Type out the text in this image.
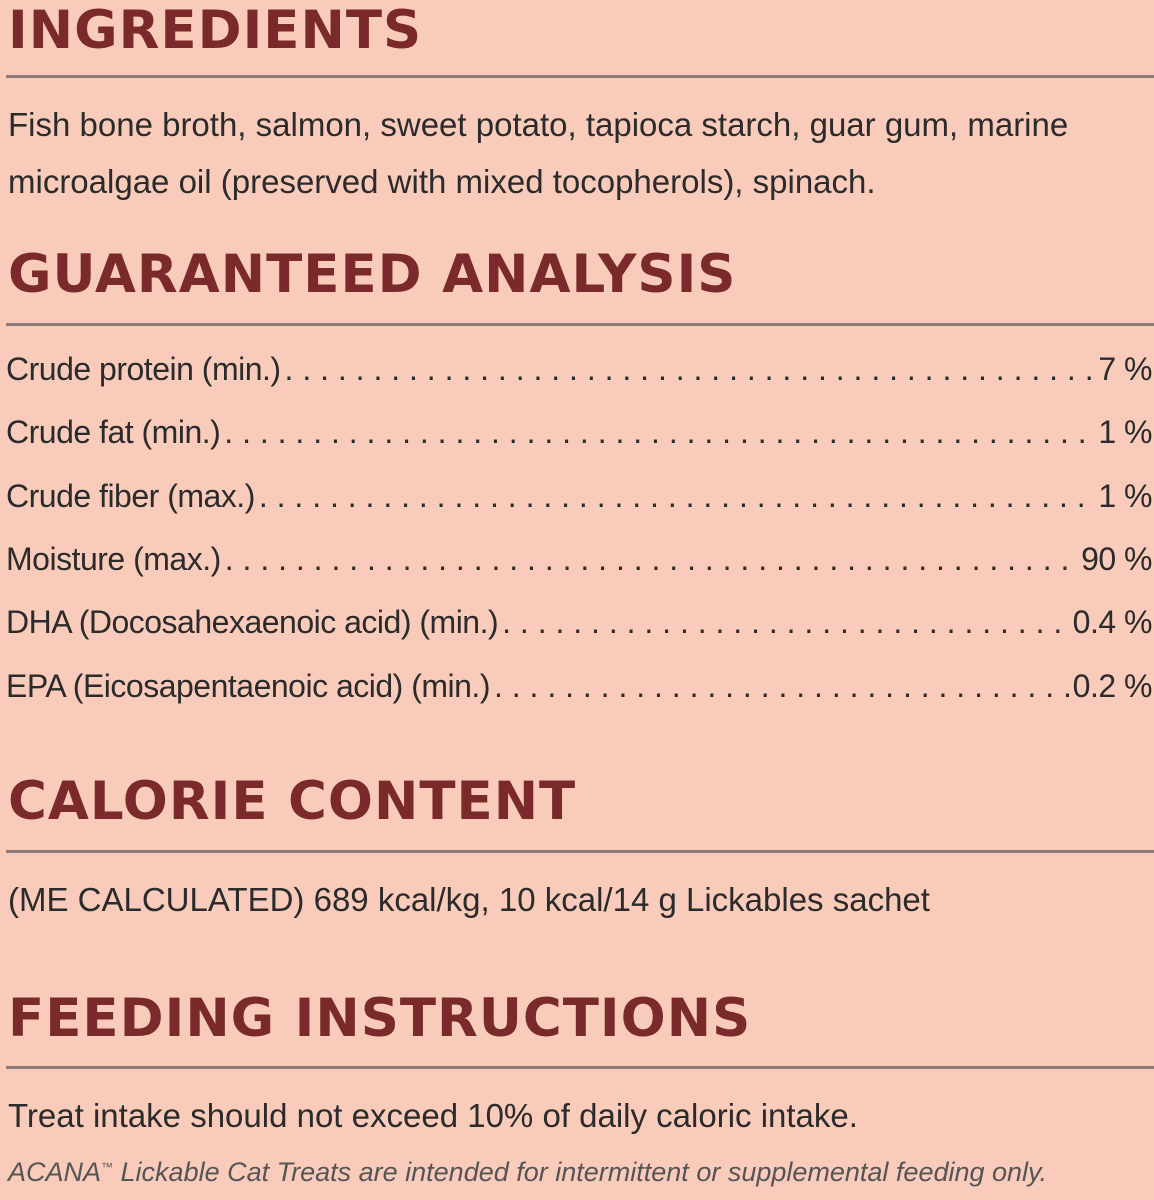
INGREDIENTS

Fish bone broth, salmon, sweet potato, tapioca starch, guar gum, marine

microalgae oil (preserved with mixed tocopherols), spinach.

GUARANTEED ANALYSIS
Crude protein (min.) . . .	7 %
Crude fat (min.) . . .	1 %
Crude fiber (max.) . . .	1 %
Moisture (max.) . . .	90 %
DHA (Docosahexaenoic acid) (min.) . . .	0.4 %
EPA (Eicosapentaenoic acid) (min.) . . .	0.2 %
CALORIE CONTENT

(ME CALCULATED) 689 kcal/kg, 10 kcal/14 g Lickables sachet

FEEDING INSTRUCTIONS

Treat intake should not exceed 10% of daily caloric intake.

ACANA™ Lickable Cat Treats are intended for intermittent or supplemental feeding only.
